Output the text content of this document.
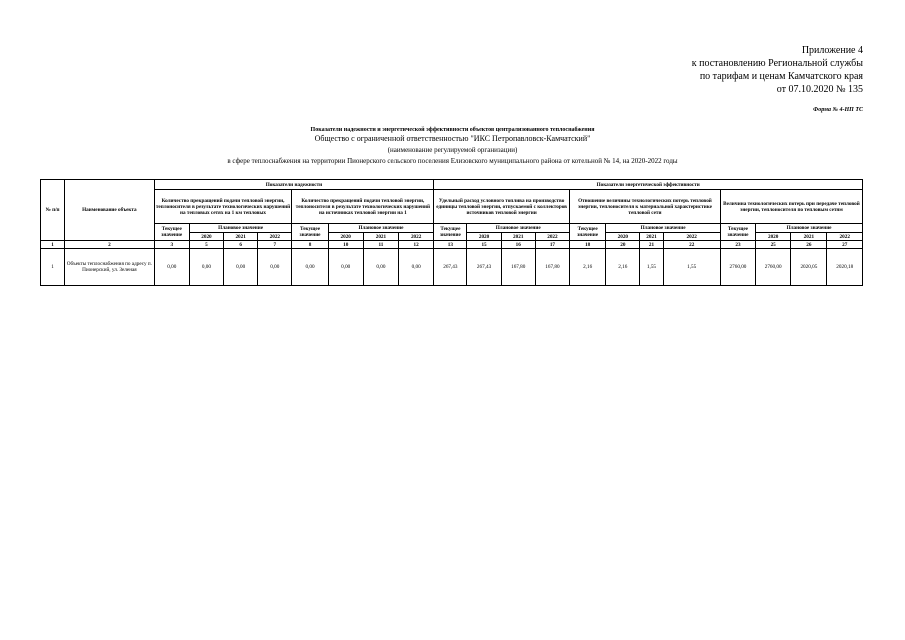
Приложение 4
к постановлению Региональной службы
по тарифам и ценам Камчатского края
от 07.10.2020 № 135
Форма № 4-НП ТС
Показатели надежности и энергетической эффективности объектов централизованного теплоснабжения
Общество с ограниченной ответственностью "ИКС Петропавловск-Камчатский"
(наименование регулируемой организации)
в сфере теплоснабжения на территории Пионерского сельского поселения Елизовского муниципального района от котельной № 14, на 2020-2022 годы
№ п/п	Наименование объекта	Показатели надежности								Показатели энергетической эффективности											
		Количество прекращений подачи тепловой энергии, теплоносителя в результате технологических нарушений на тепловых сетях на 1 км тепловых				Количество прекращений подачи тепловой энергии, теплоносителя в результате технологических нарушений на источниках тепловой энергии на 1				Удельный расход условного топлива на производство единицы тепловой энергии, отпускаемой с коллекторов источников тепловой энергии				Отношение величины технологических потерь тепловой энергии, теплоносителя к материальной характеристике тепловой сети				Величина технологических потерь при передаче тепловой энергии, теплоносителя по тепловым сетям			
		Текущее значение	Плановое значение			Текущее значение	Плановое значение			Текущее значение	Плановое значение			Текущее значение	Плановое значение			Текущее значение	Плановое значение		
			2020	2021	2022		2020	2021	2022		2020	2021	2022		2020	2021	2022		2020	2021	2022
1	2	3	5	6	7	8	10	11	12	13	15	16	17	18	20	21	22	23	25	26	27
1	Объекты теплоснабжения по адресу п. Пионерский, ул. Зеленая	0,00	0,00	0,00	0,00	0,00	0,00	0,00	0,00	267,43	267,43	167,80	167,80	2,16	2,16	1,55	1,55	2760,00	2760,00	2020,05	2020,18
